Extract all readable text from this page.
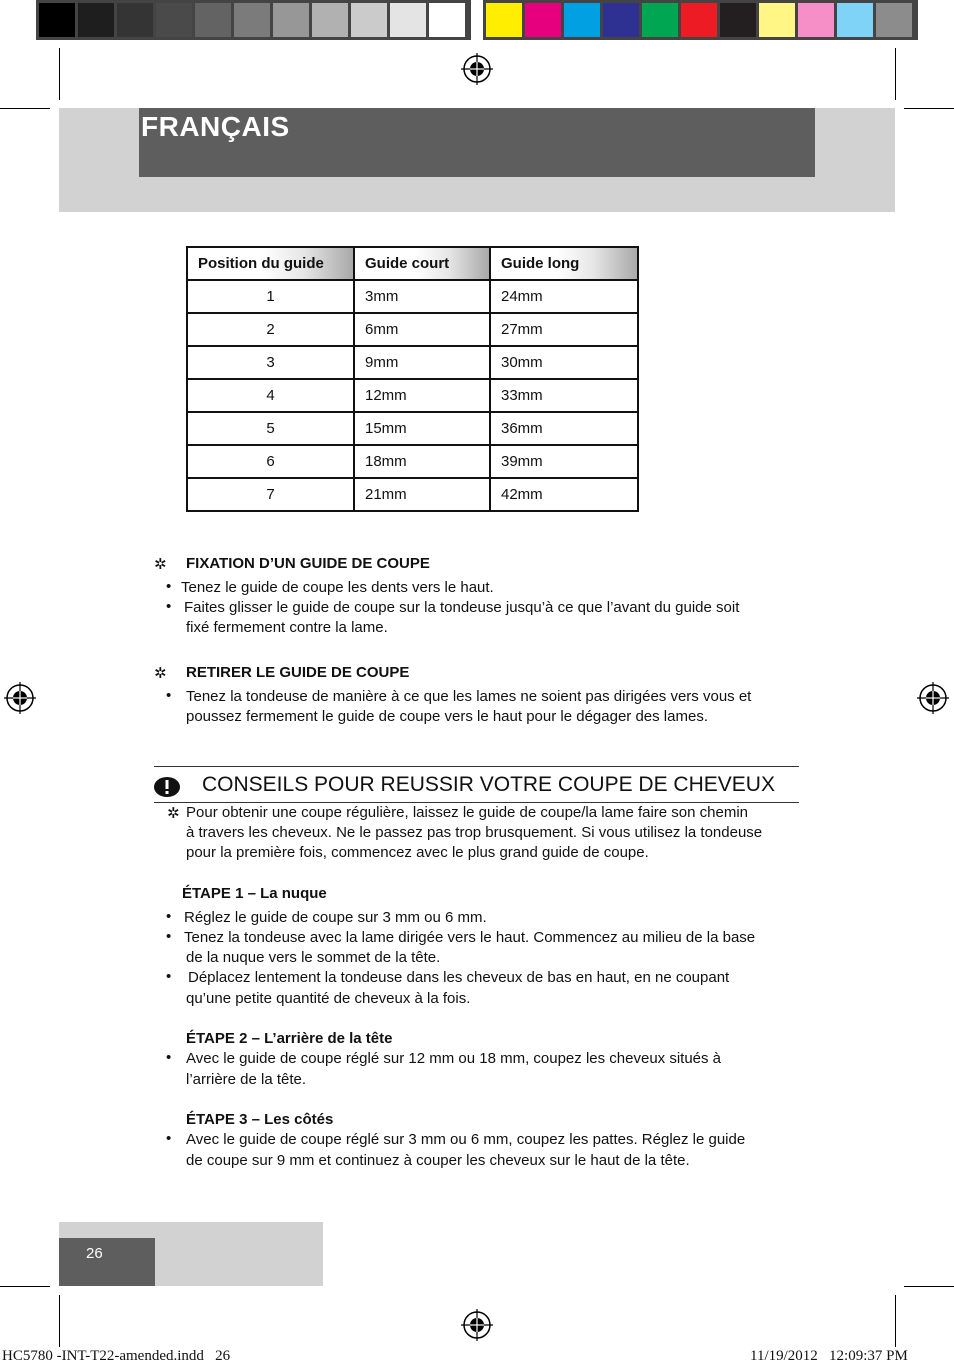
FRANÇAIS
Position du guide	Guide court	Guide long
1	3mm	24mm
2	6mm	27mm
3	9mm	30mm
4	12mm	33mm
5	15mm	36mm
6	18mm	39mm
7	21mm	42mm
✲ FIXATION D’UN GUIDE DE COUPE
• Tenez le guide de coupe les dents vers le haut.
• Faites glisser le guide de coupe sur la tondeuse jusqu’à ce que l’avant du guide soit
fixé fermement contre la lame.
✲ RETIRER LE GUIDE DE COUPE
• Tenez la tondeuse de manière à ce que les lames ne soient pas dirigées vers vous et
poussez fermement le guide de coupe vers le haut pour le dégager des lames.
CONSEILS POUR REUSSIR VOTRE COUPE DE CHEVEUX
✲ Pour obtenir une coupe régulière, laissez le guide de coupe/la lame faire son chemin
à travers les cheveux. Ne le passez pas trop brusquement. Si vous utilisez la tondeuse
pour la première fois, commencez avec le plus grand guide de coupe.
ÉTAPE 1 – La nuque
• Réglez le guide de coupe sur 3 mm ou 6 mm.
• Tenez la tondeuse avec la lame dirigée vers le haut. Commencez au milieu de la base
de la nuque vers le sommet de la tête.
• Déplacez lentement la tondeuse dans les cheveux de bas en haut, en ne coupant
qu’une petite quantité de cheveux à la fois.
ÉTAPE 2 – L’arrière de la tête
• Avec le guide de coupe réglé sur 12 mm ou 18 mm, coupez les cheveux situés à
l’arrière de la tête.
ÉTAPE 3 – Les côtés
• Avec le guide de coupe réglé sur 3 mm ou 6 mm, coupez les pattes. Réglez le guide
de coupe sur 9 mm et continuez à couper les cheveux sur le haut de la tête.
26
HC5780 -INT-T22-amended.indd   26	11/19/2012   12:09:37 PM
